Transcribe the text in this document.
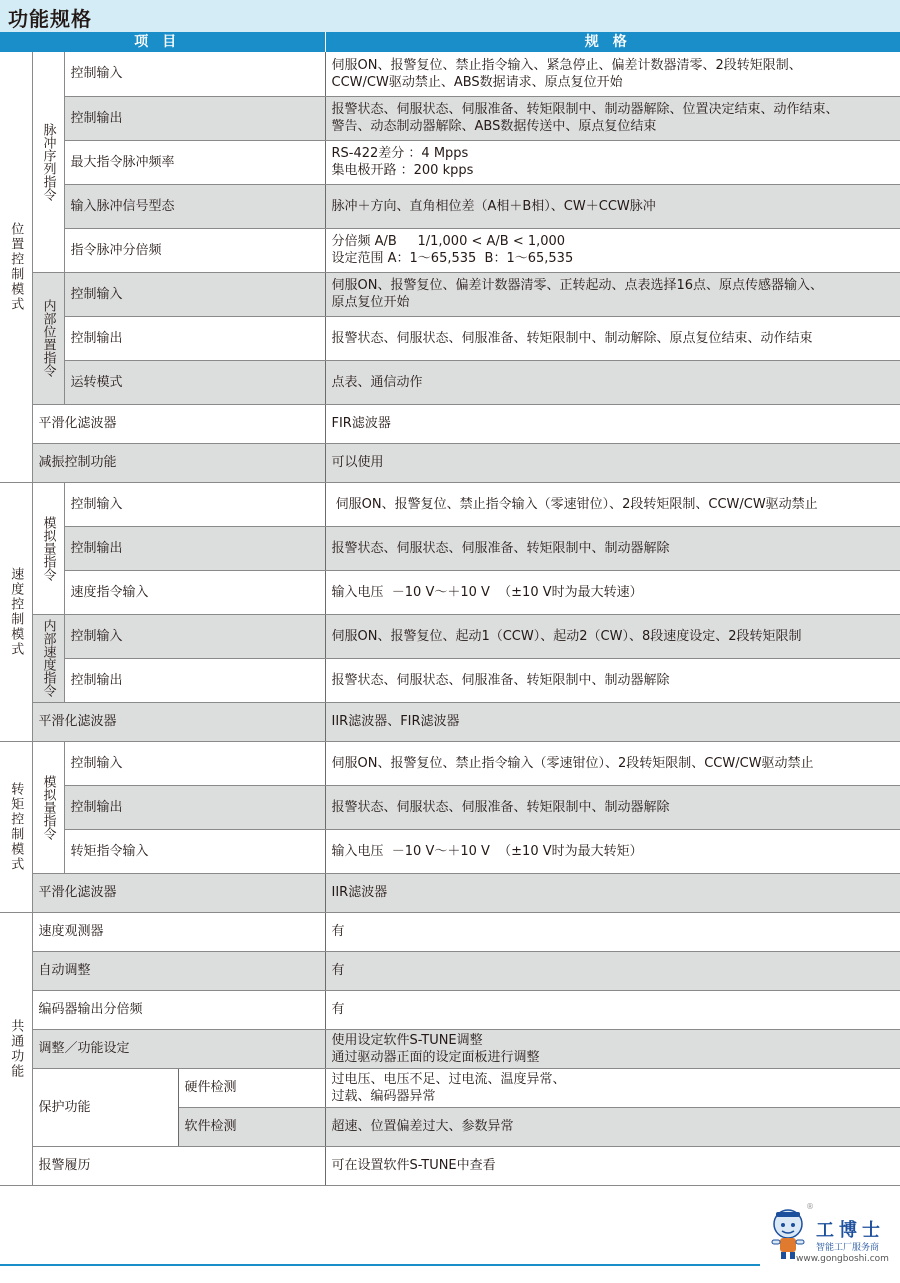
功能规格
项目				规格
位置控制模式	脉冲序列指令	控制输入		伺服ON、报警复位、禁止指令输入、紧急停止、偏差计数器清零、2段转矩限制、
CCW/CW驱动禁止、ABS数据请求、原点复位开始
		控制输出		报警状态、伺服状态、伺服准备、转矩限制中、制动器解除、位置决定结束、动作结束、
警告、动态制动器解除、ABS数据传送中、原点复位结束
		最大指令脉冲频率		RS-422差分 ：4 Mpps
集电极开路 ：200 kpps
		输入脉冲信号型态		脉冲＋方向、直角相位差（A相＋B相）、CW＋CCW脉冲
		指令脉冲分倍频		分倍频 A/B     1/1,000 < A/B < 1,000
设定范围 A：1～65,535  B：1～65,535
	内部位置指令	控制输入		伺服ON、报警复位、偏差计数器清零、正转起动、点表选择16点、原点传感器输入、
原点复位开始
		控制输出		报警状态、伺服状态、伺服准备、转矩限制中、制动解除、原点复位结束、动作结束
		运转模式		点表、通信动作
	平滑化滤波器			FIR滤波器
	减振控制功能			可以使用
速度控制模式	模拟量指令	控制输入		伺服ON、报警复位、禁止指令输入（零速钳位）、2段转矩限制、CCW/CW驱动禁止
		控制输出		报警状态、伺服状态、伺服准备、转矩限制中、制动器解除
		速度指令输入		输入电压  －10 V～＋10 V  （±10 V时为最大转速）
	内部速度指令	控制输入		伺服ON、报警复位、起动1（CCW）、起动2（CW）、8段速度设定、2段转矩限制
		控制输出		报警状态、伺服状态、伺服准备、转矩限制中、制动器解除
	平滑化滤波器			IIR滤波器、FIR滤波器
转矩控制模式	模拟量指令	控制输入		伺服ON、报警复位、禁止指令输入（零速钳位）、2段转矩限制、CCW/CW驱动禁止
		控制输出		报警状态、伺服状态、伺服准备、转矩限制中、制动器解除
		转矩指令输入		输入电压  －10 V～＋10 V  （±10 V时为最大转矩）
	平滑化滤波器			IIR滤波器
共通功能	速度观测器			有
	自动调整			有
	编码器输出分倍频			有
	调整／功能设定			使用设定软件S-TUNE调整
通过驱动器正面的设定面板进行调整
	保护功能		硬件检测	过电压、电压不足、过电流、温度异常、
过载、编码器异常
			软件检测	超速、位置偏差过大、参数异常
	报警履历			可在设置软件S-TUNE中查看
®
工博士
智能工厂服务商
www.gongboshi.com
